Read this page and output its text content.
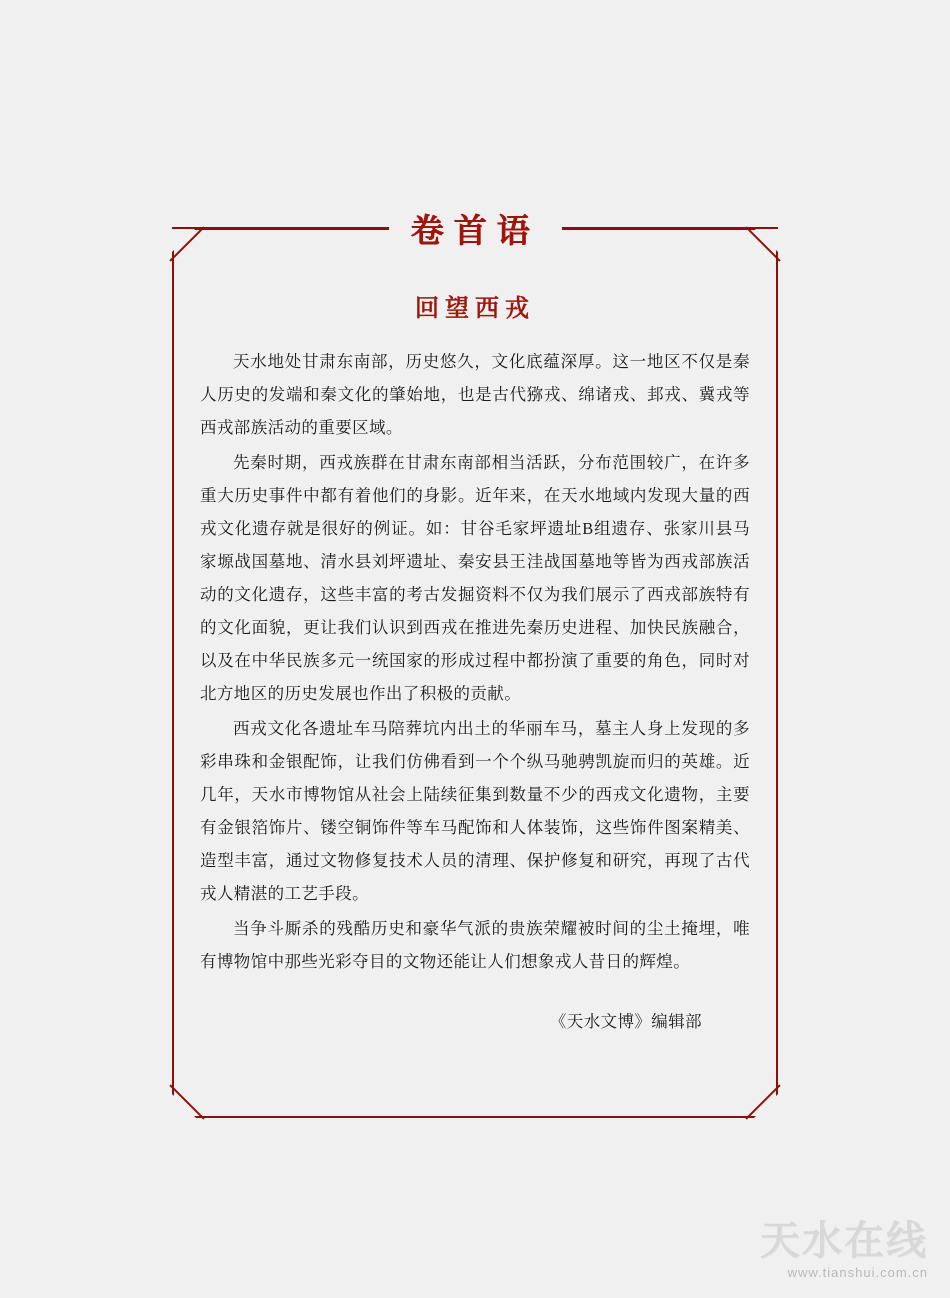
卷首语
回望西戎

天水地处甘肃东南部，历史悠久，文化底蕴深厚。这一地区不仅是秦人历史的发端和秦文化的肇始地，也是古代猕戎、绵诸戎、邽戎、冀戎等西戎部族活动的重要区域。

先秦时期，西戎族群在甘肃东南部相当活跃，分布范围较广，在许多重大历史事件中都有着他们的身影。近年来，在天水地域内发现大量的西戎文化遗存就是很好的例证。如：甘谷毛家坪遗址B组遗存、张家川县马家塬战国墓地、清水县刘坪遗址、秦安县王洼战国墓地等皆为西戎部族活动的文化遗存，这些丰富的考古发掘资料不仅为我们展示了西戎部族特有的文化面貌，更让我们认识到西戎在推进先秦历史进程、加快民族融合，以及在中华民族多元一统国家的形成过程中都扮演了重要的角色，同时对北方地区的历史发展也作出了积极的贡献。

西戎文化各遗址车马陪葬坑内出土的华丽车马，墓主人身上发现的多彩串珠和金银配饰，让我们仿佛看到一个个纵马驰骋凯旋而归的英雄。近几年，天水市博物馆从社会上陆续征集到数量不少的西戎文化遗物，主要有金银箔饰片、镂空铜饰件等车马配饰和人体装饰，这些饰件图案精美、造型丰富，通过文物修复技术人员的清理、保护修复和研究，再现了古代戎人精湛的工艺手段。

当争斗厮杀的残酷历史和豪华气派的贵族荣耀被时间的尘土掩埋，唯有博物馆中那些光彩夺目的文物还能让人们想象戎人昔日的辉煌。

《天水文博》编辑部
天水在线
www.tianshui.com.cn
